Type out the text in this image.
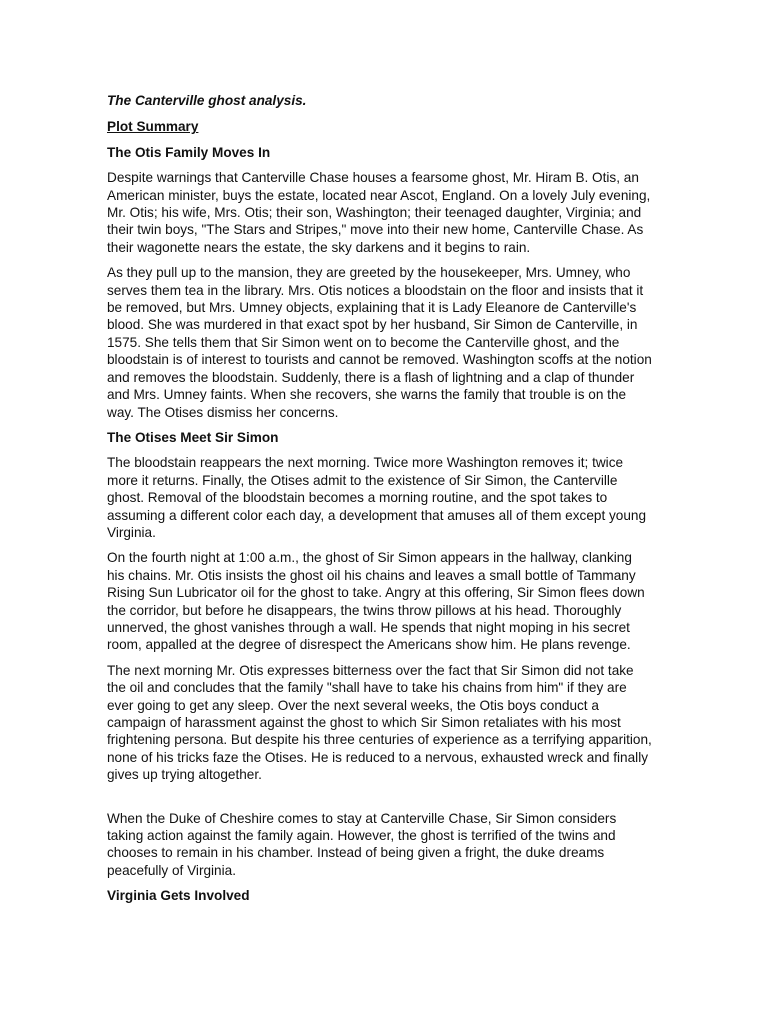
The Canterville ghost analysis.
Plot Summary
The Otis Family Moves In
Despite warnings that Canterville Chase houses a fearsome ghost, Mr. Hiram B. Otis, an
American minister, buys the estate, located near Ascot, England. On a lovely July evening,
Mr. Otis; his wife, Mrs. Otis; their son, Washington; their teenaged daughter, Virginia; and
their twin boys, "The Stars and Stripes," move into their new home, Canterville Chase. As
their wagonette nears the estate, the sky darkens and it begins to rain.
As they pull up to the mansion, they are greeted by the housekeeper, Mrs. Umney, who
serves them tea in the library. Mrs. Otis notices a bloodstain on the floor and insists that it
be removed, but Mrs. Umney objects, explaining that it is Lady Eleanore de Canterville's
blood. She was murdered in that exact spot by her husband, Sir Simon de Canterville, in
1575. She tells them that Sir Simon went on to become the Canterville ghost, and the
bloodstain is of interest to tourists and cannot be removed. Washington scoffs at the notion
and removes the bloodstain. Suddenly, there is a flash of lightning and a clap of thunder
and Mrs. Umney faints. When she recovers, she warns the family that trouble is on the
way. The Otises dismiss her concerns.
The Otises Meet Sir Simon
The bloodstain reappears the next morning. Twice more Washington removes it; twice
more it returns. Finally, the Otises admit to the existence of Sir Simon, the Canterville
ghost. Removal of the bloodstain becomes a morning routine, and the spot takes to
assuming a different color each day, a development that amuses all of them except young
Virginia.
On the fourth night at 1:00 a.m., the ghost of Sir Simon appears in the hallway, clanking
his chains. Mr. Otis insists the ghost oil his chains and leaves a small bottle of Tammany
Rising Sun Lubricator oil for the ghost to take. Angry at this offering, Sir Simon flees down
the corridor, but before he disappears, the twins throw pillows at his head. Thoroughly
unnerved, the ghost vanishes through a wall. He spends that night moping in his secret
room, appalled at the degree of disrespect the Americans show him. He plans revenge.
The next morning Mr. Otis expresses bitterness over the fact that Sir Simon did not take
the oil and concludes that the family "shall have to take his chains from him" if they are
ever going to get any sleep. Over the next several weeks, the Otis boys conduct a
campaign of harassment against the ghost to which Sir Simon retaliates with his most
frightening persona. But despite his three centuries of experience as a terrifying apparition,
none of his tricks faze the Otises. He is reduced to a nervous, exhausted wreck and finally
gives up trying altogether.
When the Duke of Cheshire comes to stay at Canterville Chase, Sir Simon considers
taking action against the family again. However, the ghost is terrified of the twins and
chooses to remain in his chamber. Instead of being given a fright, the duke dreams
peacefully of Virginia.
Virginia Gets Involved
